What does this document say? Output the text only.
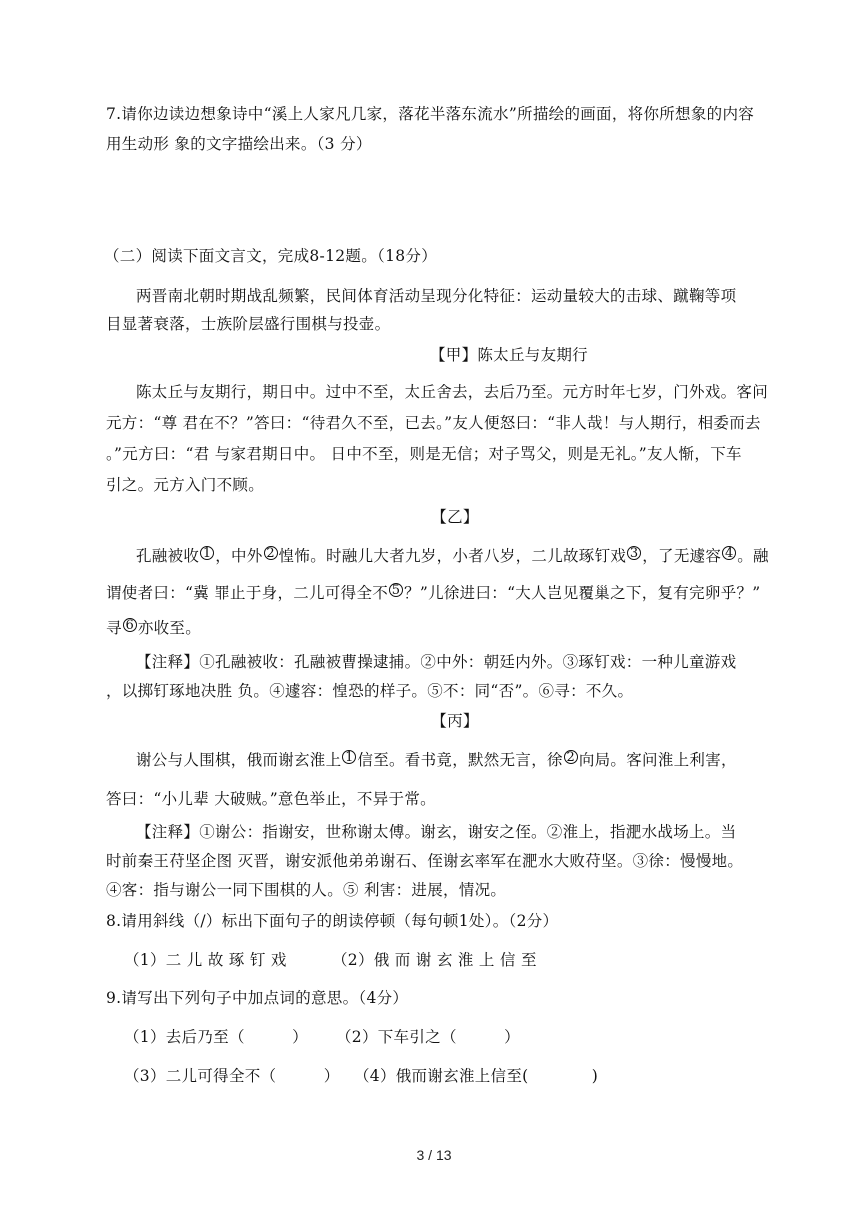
7.请你边读边想象诗中“溪上人家凡几家，落花半落东流水”所描绘的画面，将你所想象的内容
用生动形 象的文字描绘出来。（3 分）
（二）阅读下面文言文，完成8-12题。（18分）
两晋南北朝时期战乱频繁，民间体育活动呈现分化特征：运动量较大的击球、蹴鞠等项
目显著衰落，士族阶层盛行围棋与投壶。
【甲】陈太丘与友期行
陈太丘与友期行，期日中。过中不至，太丘舍去，去后乃至。元方时年七岁，门外戏。客问
元方：“尊 君在不？”答曰：“待君久不至，已去。”友人便怒曰：“非人哉！与人期行，相委而去
。”元方曰：“君 与家君期日中。 日中不至，则是无信；对子骂父，则是无礼。”友人惭，下车
引之。元方入门不顾。
【乙】
孔融被收 1 ，中外 2 惶怖。时融儿大者九岁，小者八岁，二儿故琢钉戏 3 ，了无遽容 4 。融
谓使者曰：“冀 罪止于身，二儿可得全不 5 ？”儿徐进曰：“大人岂见覆巢之下，复有完卵乎？”
寻 6 亦收至。
【注释】①孔融被收：孔融被曹操逮捕。②中外：朝廷内外。③琢钉戏：一种儿童游戏
，以掷钉琢地决胜 负。④遽容：惶恐的样子。⑤不：同“否”。⑥寻：不久。
【丙】
谢公与人围棋，俄而谢玄淮上 1 信至。看书竟，默然无言，徐 2 向局。客问淮上利害，
答曰：“小儿辈 大破贼。”意色举止，不异于常。
【注释】①谢公：指谢安，世称谢太傅。谢玄，谢安之侄。②淮上，指淝水战场上。当
时前秦王苻坚企图 灭晋，谢安派他弟弟谢石、侄谢玄率军在淝水大败苻坚。③徐：慢慢地。
④客：指与谢公一同下围棋的人。⑤ 利害：进展，情况。
8.请用斜线（/）标出下面句子的朗读停顿（每句顿1处）。（2分）
（1）二 儿 故 琢 钉 戏	（2）俄 而 谢 玄 淮 上 信 至
9.请写出下列句子中加点词的意思。（4分）
（1）去后乃至（　　　） （2）下车引之（　　　）
（3）二儿可得全不（　　　） （4）俄而谢玄淮上信至(　　　　)
3 / 13
